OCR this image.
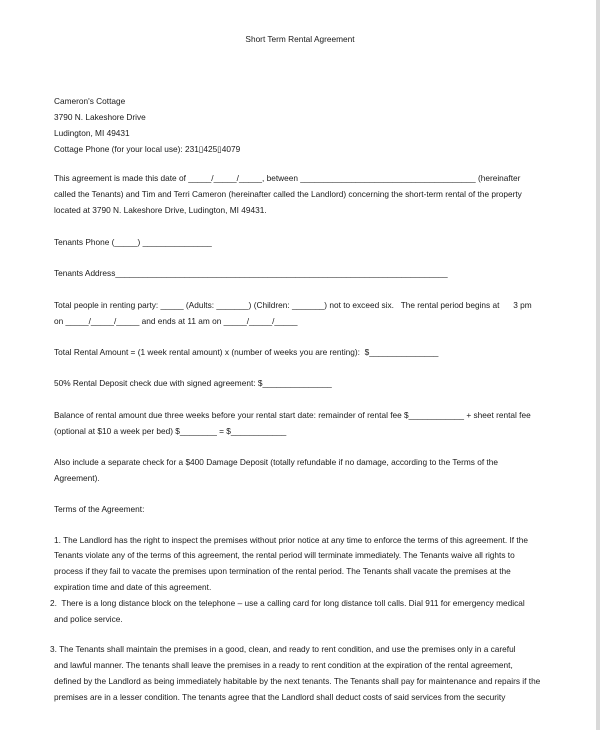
Short Term Rental Agreement
Cameron's Cottage
3790 N. Lakeshore Drive
Ludington, MI 49431
Cottage Phone (for your local use): 231▯425▯4079
This agreement is made this date of _____/_____/_____, between ______________________________________ (hereinafter
called the Tenants) and Tim and Terri Cameron (hereinafter called the Landlord) concerning the short-term rental of the property
located at 3790 N. Lakeshore Drive, Ludington, MI 49431.
Tenants Phone (_____) _______________
Tenants Address________________________________________________________________________
Total people in renting party: _____ (Adults: _______) (Children: _______) not to exceed six.   The rental period begins at      3 pm
on _____/_____/_____ and ends at 11 am on _____/_____/_____
Total Rental Amount = (1 week rental amount) x (number of weeks you are renting):  $_______________
50% Rental Deposit check due with signed agreement: $_______________
Balance of rental amount due three weeks before your rental start date: remainder of rental fee $____________ + sheet rental fee
(optional at $10 a week per bed) $________ = $____________
Also include a separate check for a $400 Damage Deposit (totally refundable if no damage, according to the Terms of the
Agreement).
Terms of the Agreement:
1. The Landlord has the right to inspect the premises without prior notice at any time to enforce the terms of this agreement. If the
Tenants violate any of the terms of this agreement, the rental period will terminate immediately. The Tenants waive all rights to
process if they fail to vacate the premises upon termination of the rental period. The Tenants shall vacate the premises at the
expiration time and date of this agreement.
2.  There is a long distance block on the telephone – use a calling card for long distance toll calls. Dial 911 for emergency medical
and police service.
3. The Tenants shall maintain the premises in a good, clean, and ready to rent condition, and use the premises only in a careful
and lawful manner. The tenants shall leave the premises in a ready to rent condition at the expiration of the rental agreement,
defined by the Landlord as being immediately habitable by the next tenants. The Tenants shall pay for maintenance and repairs if the
premises are in a lesser condition. The tenants agree that the Landlord shall deduct costs of said services from the security
